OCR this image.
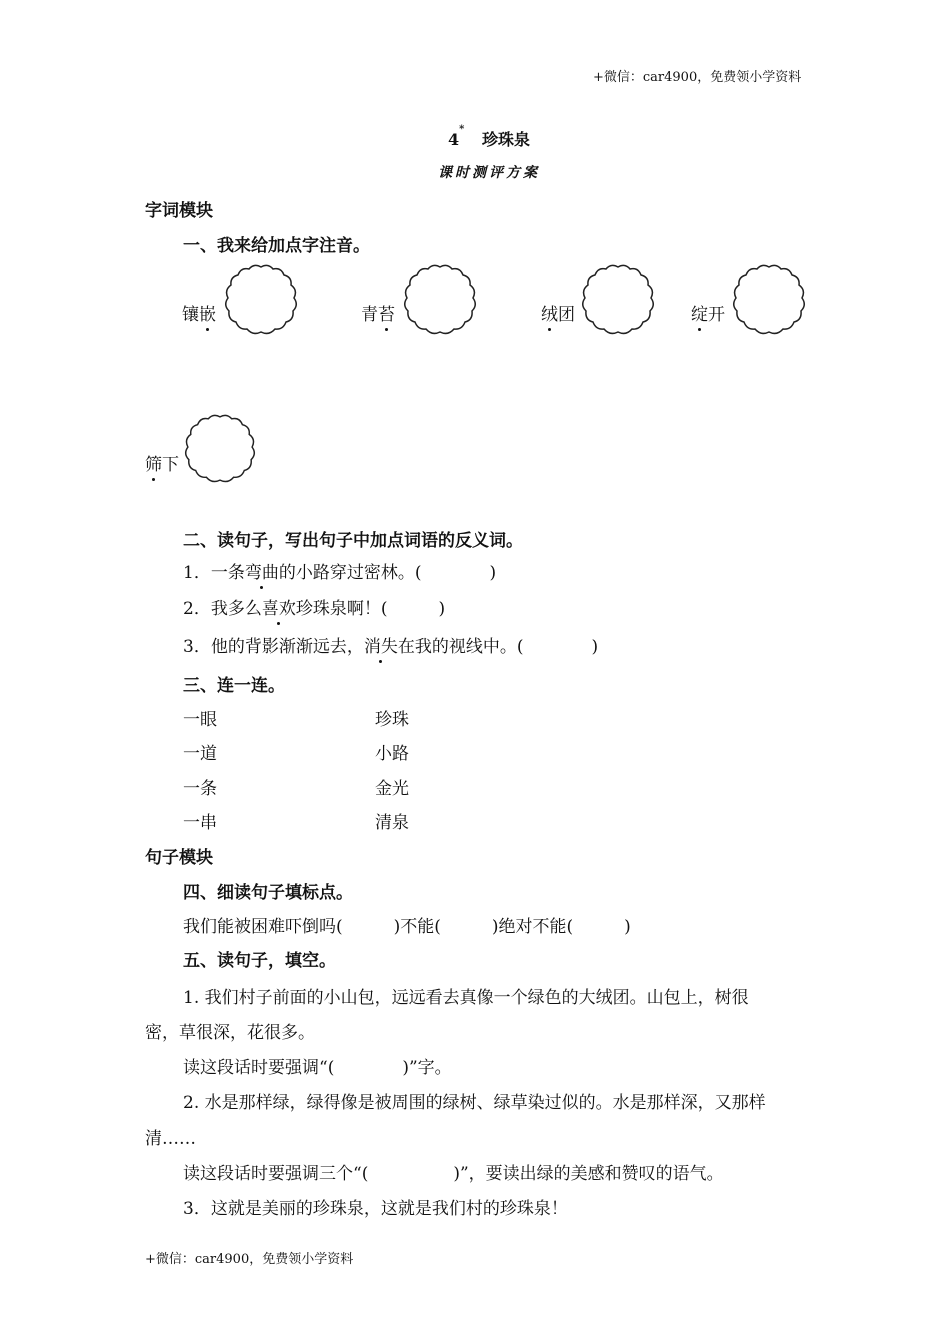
+微信：car4900，免费领小学资料
4* 珍珠泉
课时测评方案
字词模块
一、我来给加点字注音。
镶嵌	青苔	绒团	绽开
筛下
二、读句子，写出句子中加点词语的反义词。
1．一条弯曲的小路穿过密林。(　　　　	)
2．我多么喜欢珍珠泉啊！(　　　	)
3．他的背影渐渐远去，消失在我的视线中。(　　　　	)
三、连一连。
一眼	珍珠
一道	小路
一条	金光
一串	清泉
句子模块
四、细读句子填标点。
我们能被困难吓倒吗(　　　)不能(　　　)绝对不能(　　　)
五、读句子，填空。
1. 我们村子前面的小山包，远远看去真像一个绿色的大绒团。山包上，树很
密，草很深，花很多。
读这段话时要强调“(　　　　)”字。
2. 水是那样绿，绿得像是被周围的绿树、绿草染过似的。水是那样深，又那样
清……
读这段话时要强调三个“(　　　　　)”，要读出绿的美感和赞叹的语气。
3．这就是美丽的珍珠泉，这就是我们村的珍珠泉！
+微信：car4900，免费领小学资料
